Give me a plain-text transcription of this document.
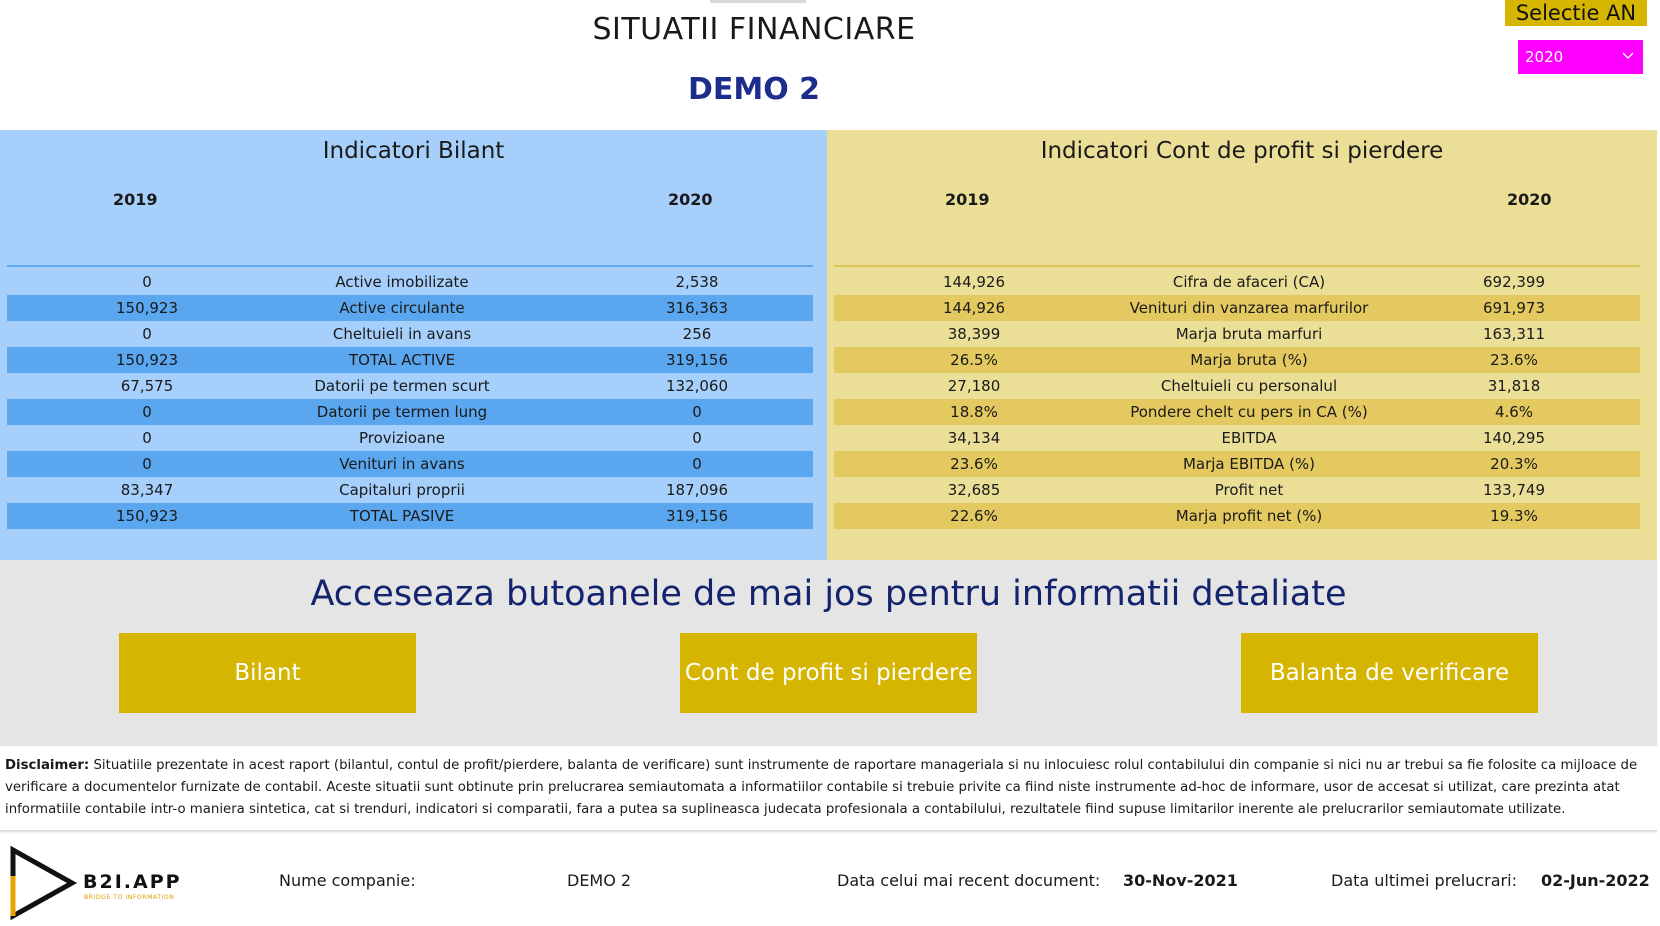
SITUATII FINANCIARE
DEMO 2
Selectie AN
2020
Indicatori Bilant
2019	2020
0	Active imobilizate	2,538
150,923	Active circulante	316,363
0	Cheltuieli in avans	256
150,923	TOTAL ACTIVE	319,156
67,575	Datorii pe termen scurt	132,060
0	Datorii pe termen lung	0
0	Provizioane	0
0	Venituri in avans	0
83,347	Capitaluri proprii	187,096
150,923	TOTAL PASIVE	319,156
Indicatori Cont de profit si pierdere
2019	2020
144,926	Cifra de afaceri (CA)	692,399
144,926	Venituri din vanzarea marfurilor	691,973
38,399	Marja bruta marfuri	163,311
26.5%	Marja bruta (%)	23.6%
27,180	Cheltuieli cu personalul	31,818
18.8%	Pondere chelt cu pers in CA (%)	4.6%
34,134	EBITDA	140,295
23.6%	Marja EBITDA (%)	20.3%
32,685	Profit net	133,749
22.6%	Marja profit net (%)	19.3%
Acceseaza butoanele de mai jos pentru informatii detaliate
Bilant	Cont de profit si pierdere	Balanta de verificare
Disclaimer: Situatiile prezentate in acest raport (bilantul, contul de profit/pierdere, balanta de verificare) sunt instrumente de raportare manageriala si nu inlocuiesc rolul contabilului din companie si nici nu ar trebui sa fie folosite ca mijloace de verificare a documentelor furnizate de contabil. Aceste situatii sunt obtinute prin prelucrarea semiautomata a informatiilor contabile si trebuie privite ca fiind niste instrumente ad-hoc de informare, usor de accesat si utilizat, care prezinta atat informatiile contabile intr-o maniera sintetica, cat si trenduri, indicatori si comparatii, fara a putea sa suplineasca judecata profesionala a contabilului, rezultatele fiind supuse limitarilor inerente ale prelucrarilor semiautomate utilizate.
B2I.APP
BRIDGE TO INFORMATION
Nume companie:	DEMO 2	Data celui mai recent document: 30-Nov-2021	Data ultimei prelucrari: 02-Jun-2022
